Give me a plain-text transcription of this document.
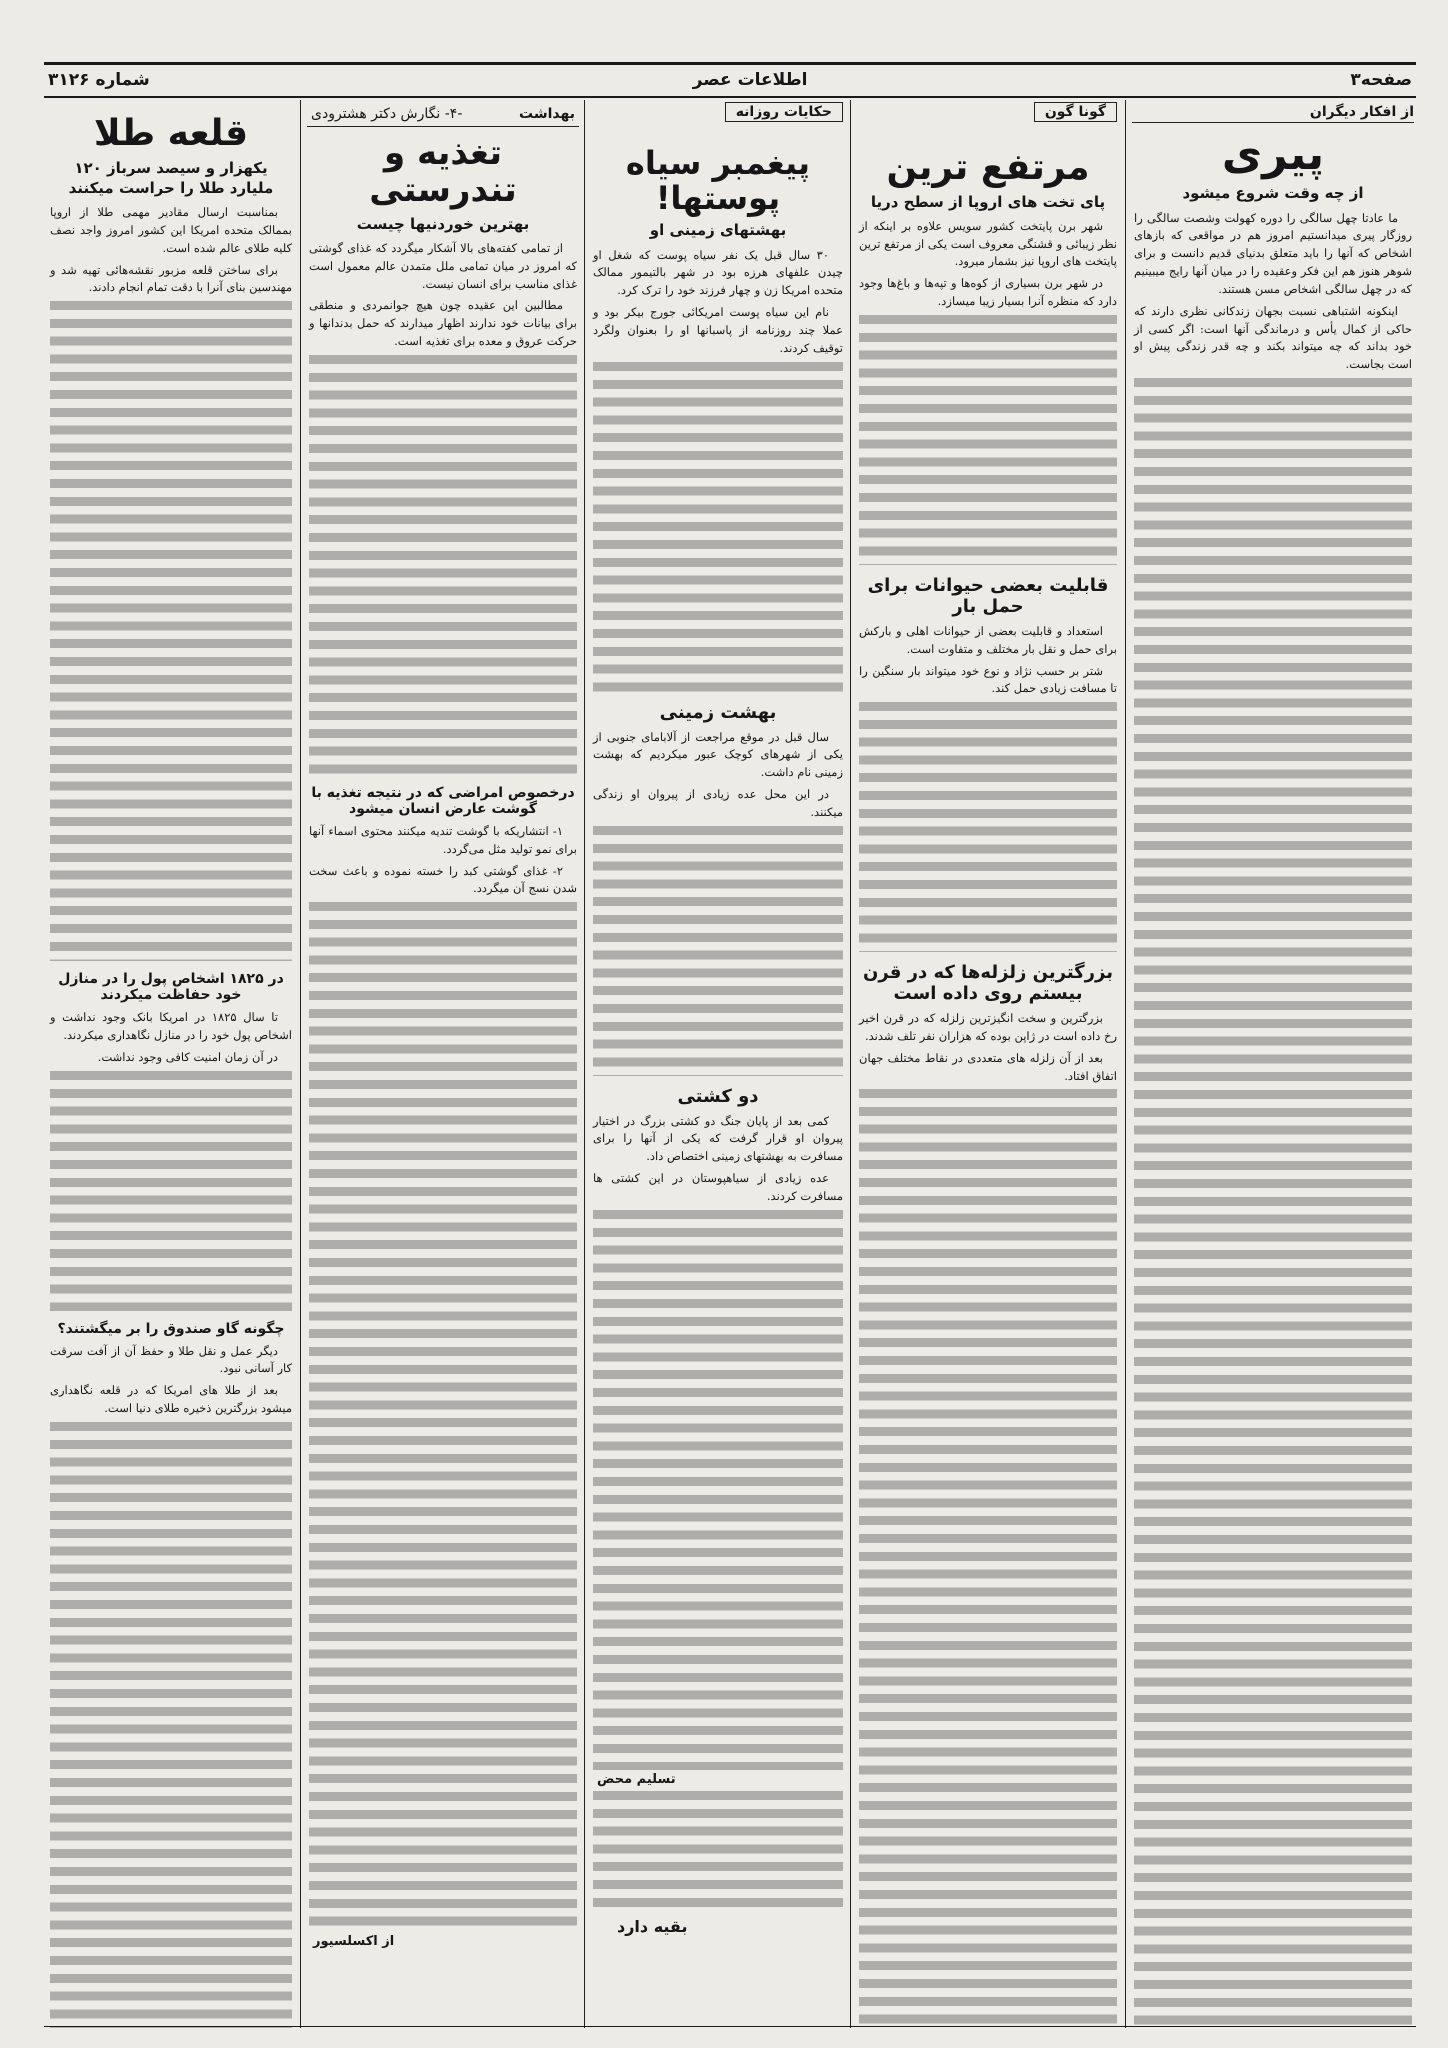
صفحه۳
اطلاعات عصر
شماره ۳۱۲۶
از افکار دیگران
پیری
از چه وقت شروع میشود

ما عادتا چهل سالگی را دوره کهولت وشصت سالگی را روزگار پیری میدانستیم امروز هم در مواقعی که بازهای اشخاص که آنها را باید متعلق بدنیای قدیم دانست و برای شوهر هنوز هم این فکر وعقیده را در میان آنها رایج میبینیم که در چهل سالگی اشخاص مسن هستند.

اینکونه اشتباهی نسبت بجهان زندکانی نظری دارند که حاکی از کمال یأس و درماندگی آنها است: اگر کسی از خود بداند که چه میتواند بکند و چه قدر زندگی پیش او است بجاست.

گونا گون
مرتفع ترین
پای تخت های اروپا از سطح دریا

شهر برن پایتخت کشور سویس علاوه بر اینکه از نظر زیبائی و قشنگی معروف است یکی از مرتفع ترین پایتخت های اروپا نیز بشمار میرود.

در شهر برن بسیاری از کوه‌ها و تپه‌ها و باغ‌ها وجود دارد که منظره آنرا بسیار زیبا میسازد.

قابلیت بعضی حیوانات برای حمل بار

استعداد و قابلیت بعضی از حیوانات اهلی و بارکش برای حمل و نقل بار مختلف و متفاوت است.

شتر بر حسب نژاد و نوع خود میتواند بار سنگین را تا مسافت زیادی حمل کند.

بزرگترین زلزله‌ها که در قرن بیستم روی داده است

بزرگترین و سخت انگیزترین زلزله که در قرن اخیر رخ داده است در ژاپن بوده که هزاران نفر تلف شدند.

بعد از آن زلزله های متعددی در نقاط مختلف جهان اتفاق افتاد.

حکایات روزانه
پیغمبر سیاه پوستها!
بهشتهای زمینی او

۳۰ سال قبل یک نفر سیاه پوست که شغل او چیدن علفهای هرزه بود در شهر بالتیمور ممالک متحده امریکا زن و چهار فرزند خود را ترک کرد.

نام این سیاه پوست امریکائی جورج بیکر بود و عملا چند روزنامه از پاسبانها او را بعنوان ولگرد توقیف کردند.

بهشت زمینی

سال قبل در موقع مراجعت از آلابامای جنوبی از یکی از شهرهای کوچک عبور میکردیم که بهشت زمینی نام داشت.

در این محل عده زیادی از پیروان او زندگی میکنند.

دو کشتی

کمی بعد از پایان جنگ دو کشتی بزرگ در اختیار پیروان او قرار گرفت که یکی از آنها را برای مسافرت به بهشتهای زمینی اختصاص داد.

عده زیادی از سیاهپوستان در این کشتی ها مسافرت کردند.

تسلیم محض
بقیه دارد
بهداشت
-۴- نگارش دکتر هشترودی
تغذیه و تندرستی
بهترین خوردنیها چیست

از تمامی کفته‌های بالا آشکار میگردد که غذای گوشتی که امروز در میان تمامی ملل متمدن عالم معمول است غذای مناسب برای انسان نیست.

مطالبین این عقیده چون هیچ جوانمردی و منطقی برای بیانات خود ندارند اظهار میدارند که حمل بدندانها و حرکت عروق و معده برای تغذیه است.

درخصوص امراضی که در نتیجه تغذیه با گوشت عارض انسان میشود

۱- انتشاریکه با گوشت تندیه میکنند محتوی اسماء آنها برای نمو تولید مثل می‌گردد.

۲- غذای گوشتی کبد را خسته نموده و باعث سخت شدن نسج آن میگردد.

از اکسلسیور
قلعه طلا
یکهزار و سیصد سرباز ۱۲۰ ملیارد طلا را حراست میکنند

بمناسبت ارسال مقادیر مهمی طلا از اروپا بممالک متحده امریکا این کشور امروز واجد نصف کلیه طلای عالم شده است.

برای ساختن قلعه مزبور نقشه‌هائی تهیه شد و مهندسین بنای آنرا با دقت تمام انجام دادند.

در ۱۸۲۵ اشخاص پول را در منازل خود حفاظت میکردند

تا سال ۱۸۲۵ در امریکا بانک وجود نداشت و اشخاص پول خود را در منازل نگاهداری میکردند.

در آن زمان امنیت کافی وجود نداشت.

چگونه گاو صندوق را بر میگشتند؟

دیگر عمل و نقل طلا و حفظ آن از آفت سرقت کار آسانی نبود.

بعد از طلا های امریکا که در قلعه نگاهداری میشود بزرگترین ذخیره طلای دنیا است.
